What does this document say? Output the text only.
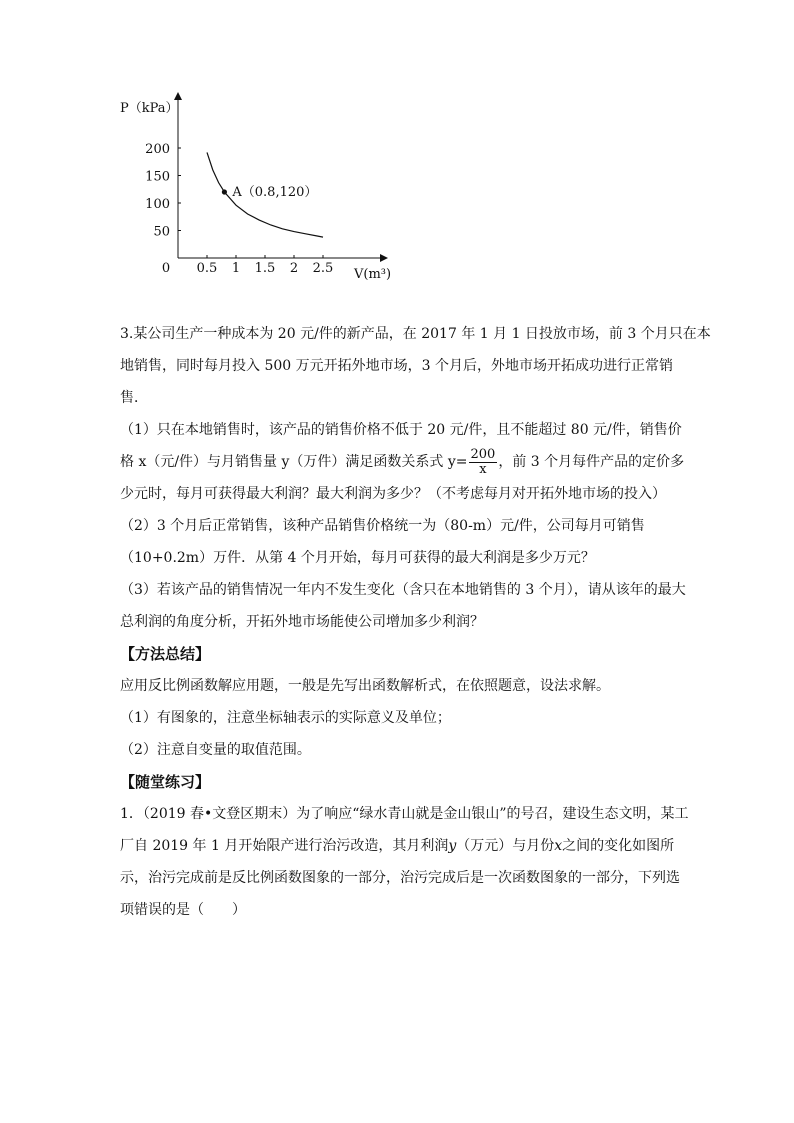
P（kPa）
V(m³)
0 0.5 1 1.5 2 2.5
200
150
100
50
A（0.8,120）

3.某公司生产一种成本为 20 元/件的新产品，在 2017 年 1 月 1 日投放市场，前 3 个月只在本

地销售，同时每月投入 500 万元开拓外地市场，3 个月后，外地市场开拓成功进行正常销

售．

（1）只在本地销售时，该产品的销售价格不低于 20 元/件，且不能超过 80 元/件，销售价

格 x（元/件）与月销售量 y（万件）满足函数关系式 $y= \frac{200}{x}$ ，前 3 个月每件产品的定价多

少元时，每月可获得最大利润？最大利润为多少？（不考虑每月对开拓外地市场的投入）

（2）3 个月后正常销售，该种产品销售价格统一为（80-m）元/件，公司每月可销售

（10+0.2m）万件．从第 4 个月开始，每月可获得的最大利润是多少万元？

（3）若该产品的销售情况一年内不发生变化（含只在本地销售的 3 个月），请从该年的最大

总利润的角度分析，开拓外地市场能使公司增加多少利润？

【方法总结】

应用反比例函数解应用题，一般是先写出函数解析式，在依照题意，设法求解。

（1）有图象的，注意坐标轴表示的实际意义及单位；

（2）注意自变量的取值范围。

【随堂练习】

1．（2019 春•文登区期末）为了响应“绿水青山就是金山银山”的号召，建设生态文明，某工

厂自 2019 年 1 月开始限产进行治污改造，其月利润y（万元）与月份x之间的变化如图所

示，治污完成前是反比例函数图象的一部分，治污完成后是一次函数图象的一部分，下列选

项错误的是（　　）
